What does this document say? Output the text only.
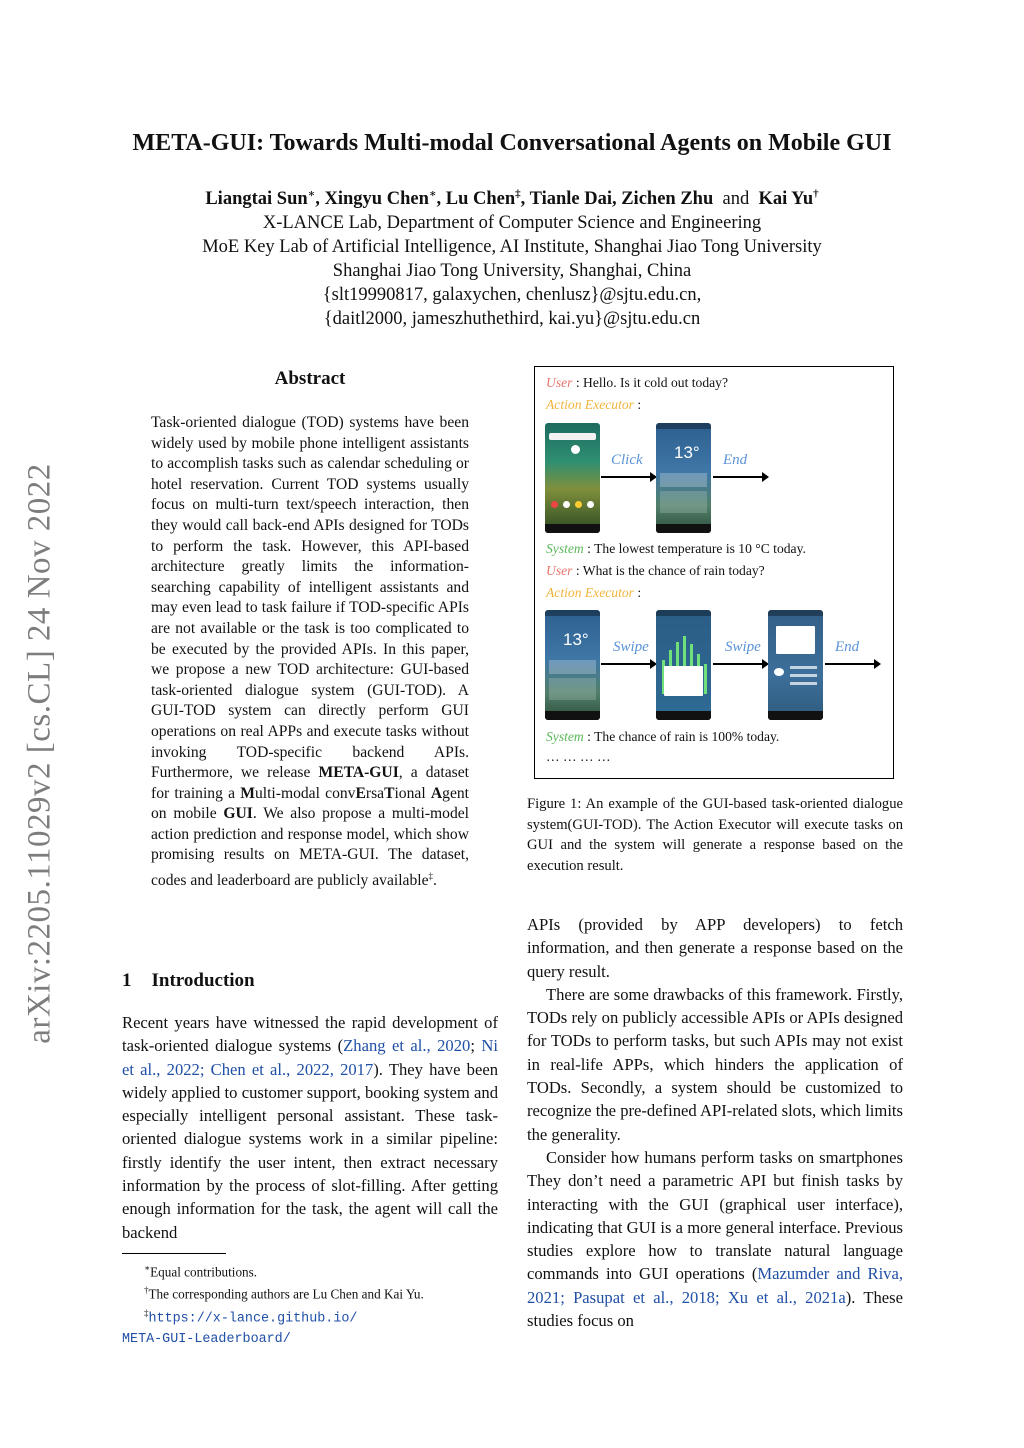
META-GUI: Towards Multi-modal Conversational Agents on Mobile GUI
Liangtai Sun∗, Xingyu Chen∗, Lu Chen‡, Tianle Dai, Zichen Zhu and Kai Yu†
X-LANCE Lab, Department of Computer Science and Engineering
MoE Key Lab of Artificial Intelligence, AI Institute, Shanghai Jiao Tong University
Shanghai Jiao Tong University, Shanghai, China
{slt19990817, galaxychen, chenlusz}@sjtu.edu.cn,
{daitl2000, jameszhuthethird, kai.yu}@sjtu.edu.cn
arXiv:2205.11029v2 [cs.CL] 24 Nov 2022
Abstract
Task-oriented dialogue (TOD) systems have been widely used by mobile phone intelligent assistants to accomplish tasks such as calendar scheduling or hotel reservation. Current TOD systems usually focus on multi-turn text/speech interaction, then they would call back-end APIs designed for TODs to perform the task. However, this API-based architecture greatly limits the information-searching capability of intelligent assistants and may even lead to task failure if TOD-specific APIs are not available or the task is too complicated to be executed by the provided APIs. In this paper, we propose a new TOD architecture: GUI-based task-oriented dialogue system (GUI-TOD). A GUI-TOD system can directly perform GUI operations on real APPs and execute tasks without invoking TOD-specific backend APIs. Furthermore, we release META-GUI, a dataset for training a Multi-modal convErsaTional Agent on mobile GUI. We also propose a multi-model action prediction and response model, which show promising results on META-GUI. The dataset, codes and leaderboard are publicly available‡.
1 Introduction

Recent years have witnessed the rapid development of task-oriented dialogue systems (Zhang et al., 2020; Ni et al., 2022; Chen et al., 2022, 2017). They have been widely applied to customer support, booking system and especially intelligent personal assistant. These task-oriented dialogue systems work in a similar pipeline: firstly identify the user intent, then extract necessary information by the process of slot-filling. After getting enough information for the task, the agent will call the backend

∗Equal contributions.
†The corresponding authors are Lu Chen and Kai Yu.
‡https://x-lance.github.io/
META-GUI-Leaderboard/
User : Hello. Is it cold out today?
Action Executor :
Click 13° End
System : The lowest temperature is 10 °C today.
User : What is the chance of rain today?
Action Executor :
13° Swipe	Swipe	End
System : The chance of rain is 100% today.
… … … …
Figure 1: An example of the GUI-based task-oriented dialogue system(GUI-TOD). The Action Executor will execute tasks on GUI and the system will generate a response based on the execution result.

APIs (provided by APP developers) to fetch information, and then generate a response based on the query result.

There are some drawbacks of this framework. Firstly, TODs rely on publicly accessible APIs or APIs designed for TODs to perform tasks, but such APIs may not exist in real-life APPs, which hinders the application of TODs. Secondly, a system should be customized to recognize the pre-defined API-related slots, which limits the generality.

Consider how humans perform tasks on smartphones They don’t need a parametric API but finish tasks by interacting with the GUI (graphical user interface), indicating that GUI is a more general interface. Previous studies explore how to translate natural language commands into GUI operations (Mazumder and Riva, 2021; Pasupat et al., 2018; Xu et al., 2021a). These studies focus on
